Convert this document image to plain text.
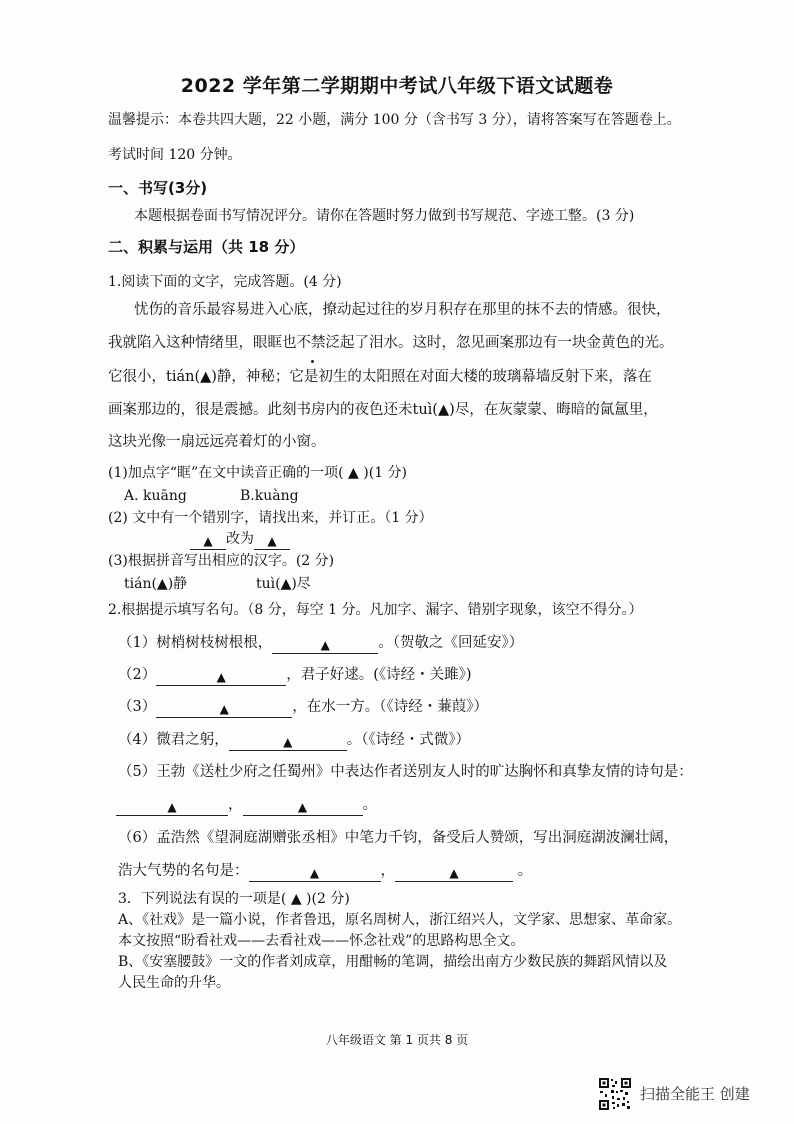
2022 学年第二学期期中考试八年级下语文试题卷
温馨提示：本卷共四大题，22 小题，满分 100 分（含书写 3 分），请将答案写在答题卷上。
考试时间 120 分钟。
一、书写(3分)
本题根据卷面书写情况评分。请你在答题时努力做到书写规范、字迹工整。(3 分)
二、积累与运用（共 18 分）
1.阅读下面的文字，完成答题。(4 分)
忧伤的音乐最容易进入心底，撩动起过往的岁月积存在那里的抹不去的情感。很快，
我就陷入这种情绪里，眼眶也不禁泛起了泪水。这时，忽见画案那边有一块金黄色的光。
它很小，tián(▲)静，神秘；它是初生的太阳照在对面大楼的玻璃幕墙反射下来，落在
画案那边的，很是震撼。此刻书房内的夜色还未tuì(▲)尽，在灰蒙蒙、晦暗的氤氲里，
这块光像一扇远远亮着灯的小窗。
(1)加点字“眶”在文中读音正确的一项( ▲ )(1 分)
A. kuāng	B.kuàng
(2) 文中有一个错别字，请找出来，并订正。（1 分）
▲ 改为 ▲
(3)根据拼音写出相应的汉字。(2 分)
tián(▲)静	tuì(▲)尽
2.根据提示填写名句。（8 分，每空 1 分。凡加字、漏字、错别字现象，该空不得分。）
（1）树梢树枝树根根，	▲	。（贺敬之《回延安》）
（2）	▲	，君子好逑。(《诗经・关雎》)
（3）	▲	，在水一方。（《诗经・蒹葭》）
（4）微君之躬，	▲	。（《诗经・式微》）
（5）王勃《送杜少府之任蜀州》中表达作者送别友人时的旷达胸怀和真挚友情的诗句是：
▲	，	▲	。
（6）孟浩然《望洞庭湖赠张丞相》中笔力千钧，备受后人赞颂，写出洞庭湖波澜壮阔，
浩大气势的名句是：	▲	，	▲	。
3．下列说法有误的一项是( ▲ )(2 分)
A、《社戏》是一篇小说，作者鲁迅，原名周树人，浙江绍兴人，文学家、思想家、革命家。
本文按照“盼看社戏——去看社戏——怀念社戏”的思路构思全文。
B、《安塞腰鼓》一文的作者刘成章，用酣畅的笔调，描绘出南方少数民族的舞蹈风情以及
人民生命的升华。
八年级语文 第 1 页共 8 页
扫描全能王 创建
